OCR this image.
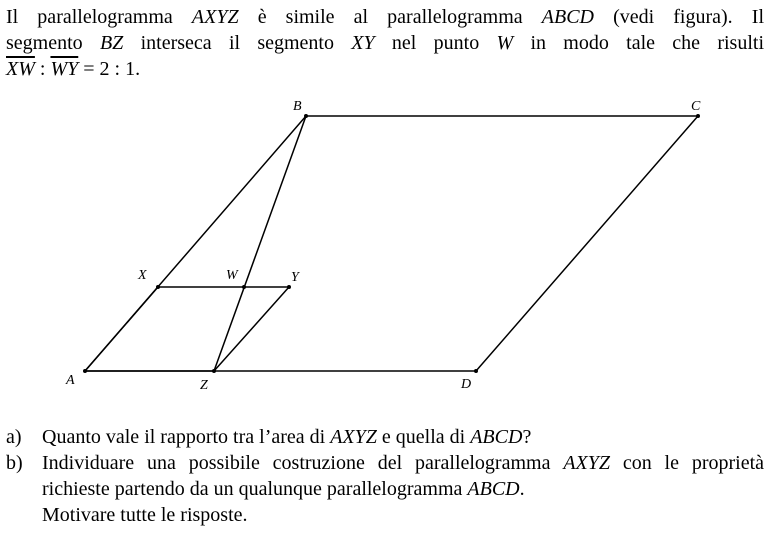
Il parallelogramma AXYZ è simile al parallelogramma ABCD (vedi figura). Il
segmento BZ interseca il segmento XY nel punto W in modo tale che risulti
$\overline{XW}$ : $\overline{WY} = 2$ : 1.
A
B	C
D
X	Y
Z
W
a) Quanto vale il rapporto tra l’area di AXYZ e quella di ABCD?
b) Individuare una possibile costruzione del parallelogramma AXYZ con le proprietà richieste partendo da un qualunque parallelogramma ABCD.
Motivare tutte le risposte.
